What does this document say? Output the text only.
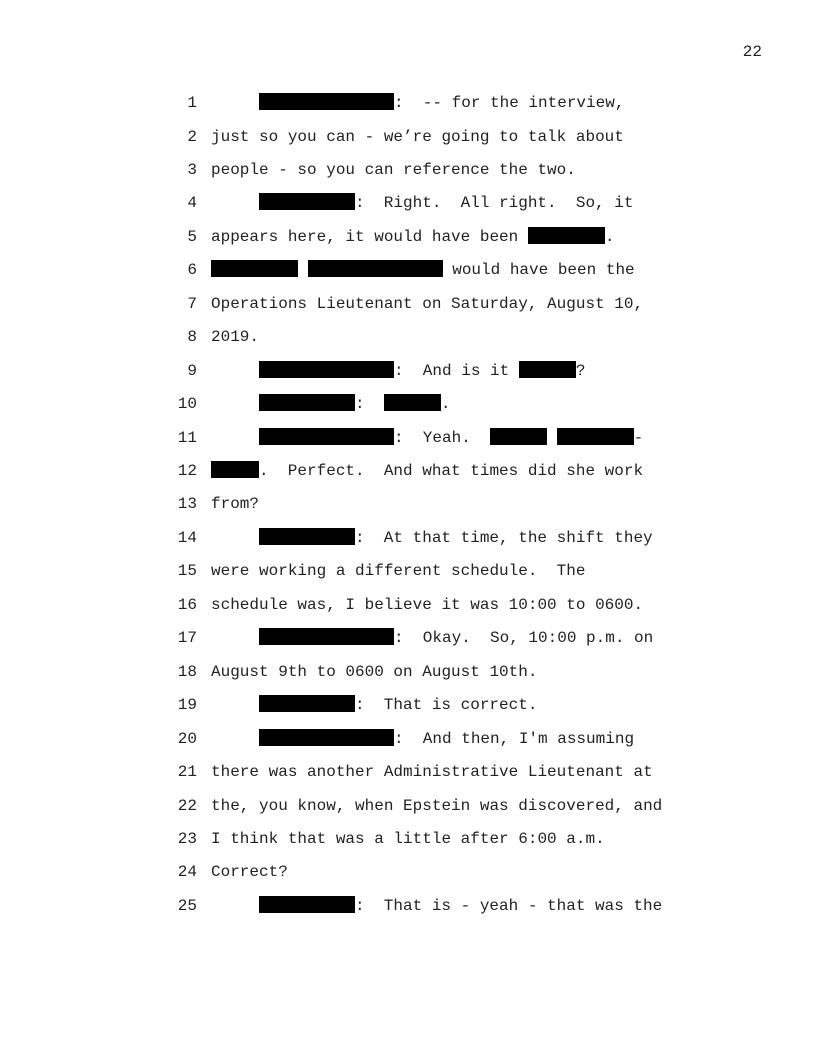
22
1	:  -- for the interview,
2 just so you can - we’re going to talk about
3 people - so you can reference the two.
4	:  Right.  All right.  So, it
5 appears here, it would have been	.
6	would have been the
7 Operations Lieutenant on Saturday, August 10,
8 2019.
9	:  And is it	?
10	:	.
11	:  Yeah.	-
12	.  Perfect.  And what times did she work
13 from?
14	:  At that time, the shift they
15 were working a different schedule.  The
16 schedule was, I believe it was 10:00 to 0600.
17	:  Okay.  So, 10:00 p.m. on
18 August 9th to 0600 on August 10th.
19	:  That is correct.
20	:  And then, I'm assuming
21 there was another Administrative Lieutenant at
22 the, you know, when Epstein was discovered, and
23 I think that was a little after 6:00 a.m.
24 Correct?
25	:  That is - yeah - that was the
